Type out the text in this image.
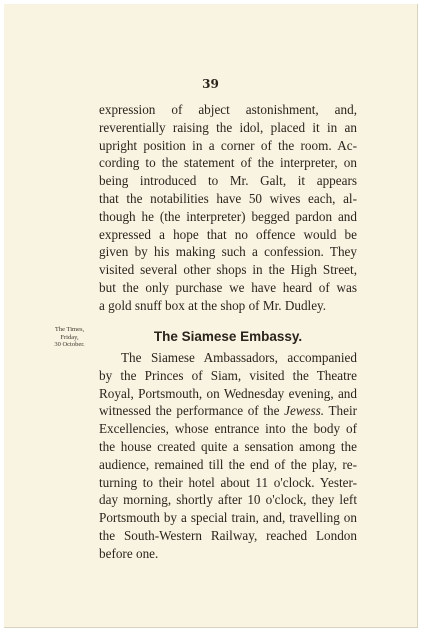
39
expression of abject astonishment, and,
reverentially raising the idol, placed it in an
upright position in a corner of the room. Ac-
cording to the statement of the interpreter, on
being introduced to Mr. Galt, it appears
that the notabilities have 50 wives each, al-
though he (the interpreter) begged pardon and
expressed a hope that no offence would be
given by his making such a confession. They
visited several other shops in the High Street,
but the only purchase we have heard of was
a gold snuff box at the shop of Mr. Dudley.
The Times,
Friday,
30 October.
The Siamese Embassy.
The Siamese Ambassadors, accompanied
by the Princes of Siam, visited the Theatre
Royal, Portsmouth, on Wednesday evening, and
witnessed the performance of the Jewess. Their
Excellencies, whose entrance into the body of
the house created quite a sensation among the
audience, remained till the end of the play, re-
turning to their hotel about 11 o'clock. Yester-
day morning, shortly after 10 o'clock, they left
Portsmouth by a special train, and, travelling on
the South-Western Railway, reached London
before one.
